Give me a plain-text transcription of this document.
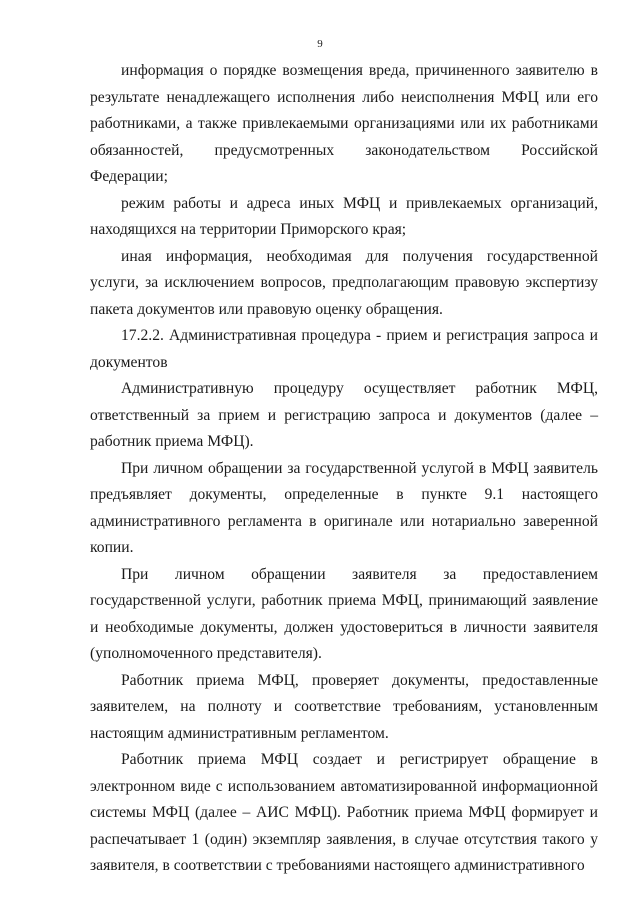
9

информация о порядке возмещения вреда, причиненного заявителю в результате ненадлежащего исполнения либо неисполнения МФЦ или его работниками, а также привлекаемыми организациями или их работниками обязанностей, предусмотренных законодательством Российской Федерации;

режим работы и адреса иных МФЦ и привлекаемых организаций, находящихся на территории Приморского края;

иная информация, необходимая для получения государственной услуги, за исключением вопросов, предполагающим правовую экспертизу пакета документов или правовую оценку обращения.

17.2.2. Административная процедура - прием и регистрация запроса и документов

Административную процедуру осуществляет работник МФЦ, ответственный за прием и регистрацию запроса и документов (далее – работник приема МФЦ).

При личном обращении за государственной услугой в МФЦ заявитель предъявляет документы, определенные в пункте 9.1 настоящего административного регламента в оригинале или нотариально заверенной копии.

При личном обращении заявителя за предоставлением государственной услуги, работник приема МФЦ, принимающий заявление и необходимые документы, должен удостовериться в личности заявителя (уполномоченного представителя).

Работник приема МФЦ, проверяет документы, предоставленные заявителем, на полноту и соответствие требованиям, установленным настоящим административным регламентом.

Работник приема МФЦ создает и регистрирует обращение в электронном виде с использованием автоматизированной информационной системы МФЦ (далее – АИС МФЦ). Работник приема МФЦ формирует и распечатывает 1 (один) экземпляр заявления, в случае отсутствия такого у заявителя, в соответствии с требованиями настоящего административного
